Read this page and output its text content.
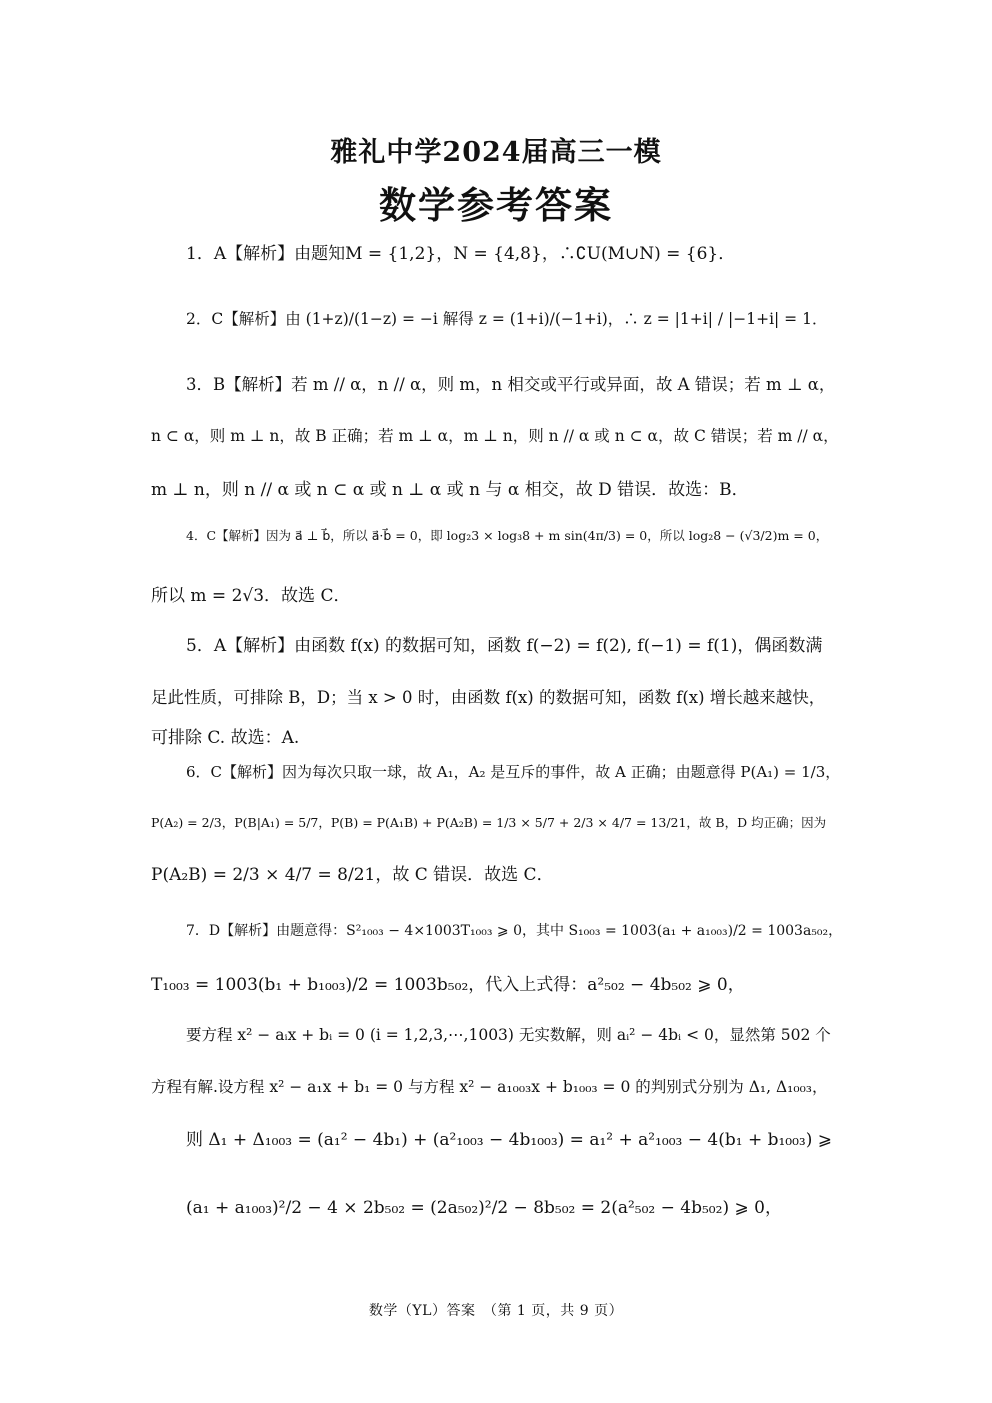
雅礼中学2024届高三一模
数学参考答案
1．A【解析】由题知M = {1,2}，N = {4,8}，∴∁U(M∪N) = {6}．
2．C【解析】由 (1+z)/(1−z) = −i 解得 z = (1+i)/(−1+i)，∴ z = |1+i| / |−1+i| = 1．
3．B【解析】若 m // α，n // α，则 m，n 相交或平行或异面，故 A 错误；若 m ⊥ α，
n ⊂ α，则 m ⊥ n，故 B 正确；若 m ⊥ α，m ⊥ n，则 n // α 或 n ⊂ α，故 C 错误；若 m // α，
m ⊥ n，则 n // α 或 n ⊂ α 或 n ⊥ α 或 n 与 α 相交，故 D 错误．故选：B．
4．C【解析】因为 a⃗ ⊥ b⃗，所以 a⃗·b⃗ = 0，即 log₂3 × log₃8 + m sin(4π/3) = 0，所以 log₂8 − (√3/2)m = 0，
所以 m = 2√3．故选 C．
5．A【解析】由函数 f(x) 的数据可知，函数 f(−2) = f(2), f(−1) = f(1)，偶函数满
足此性质，可排除 B，D；当 x > 0 时，由函数 f(x) 的数据可知，函数 f(x) 增长越来越快，
可排除 C. 故选：A.
6．C【解析】因为每次只取一球，故 A₁，A₂ 是互斥的事件，故 A 正确；由题意得 P(A₁) = 1/3，
P(A₂) = 2/3，P(B|A₁) = 5/7，P(B) = P(A₁B) + P(A₂B) = 1/3 × 5/7 + 2/3 × 4/7 = 13/21，故 B，D 均正确；因为
P(A₂B) = 2/3 × 4/7 = 8/21，故 C 错误．故选 C．
7．D【解析】由题意得：S²₁₀₀₃ − 4×1003T₁₀₀₃ ⩾ 0，其中 S₁₀₀₃ = 1003(a₁ + a₁₀₀₃)/2 = 1003a₅₀₂，
T₁₀₀₃ = 1003(b₁ + b₁₀₀₃)/2 = 1003b₅₀₂，代入上式得：a²₅₀₂ − 4b₅₀₂ ⩾ 0，
要方程 x² − aᵢx + bᵢ = 0 (i = 1,2,3,⋯,1003) 无实数解，则 aᵢ² − 4bᵢ < 0，显然第 502 个
方程有解.设方程 x² − a₁x + b₁ = 0 与方程 x² − a₁₀₀₃x + b₁₀₀₃ = 0 的判别式分别为 Δ₁, Δ₁₀₀₃，
则 Δ₁ + Δ₁₀₀₃ = (a₁² − 4b₁) + (a²₁₀₀₃ − 4b₁₀₀₃) = a₁² + a²₁₀₀₃ − 4(b₁ + b₁₀₀₃) ⩾
(a₁ + a₁₀₀₃)²/2 − 4 × 2b₅₀₂ = (2a₅₀₂)²/2 − 8b₅₀₂ = 2(a²₅₀₂ − 4b₅₀₂) ⩾ 0，
数学（YL）答案　（第 1 页，共 9 页）
